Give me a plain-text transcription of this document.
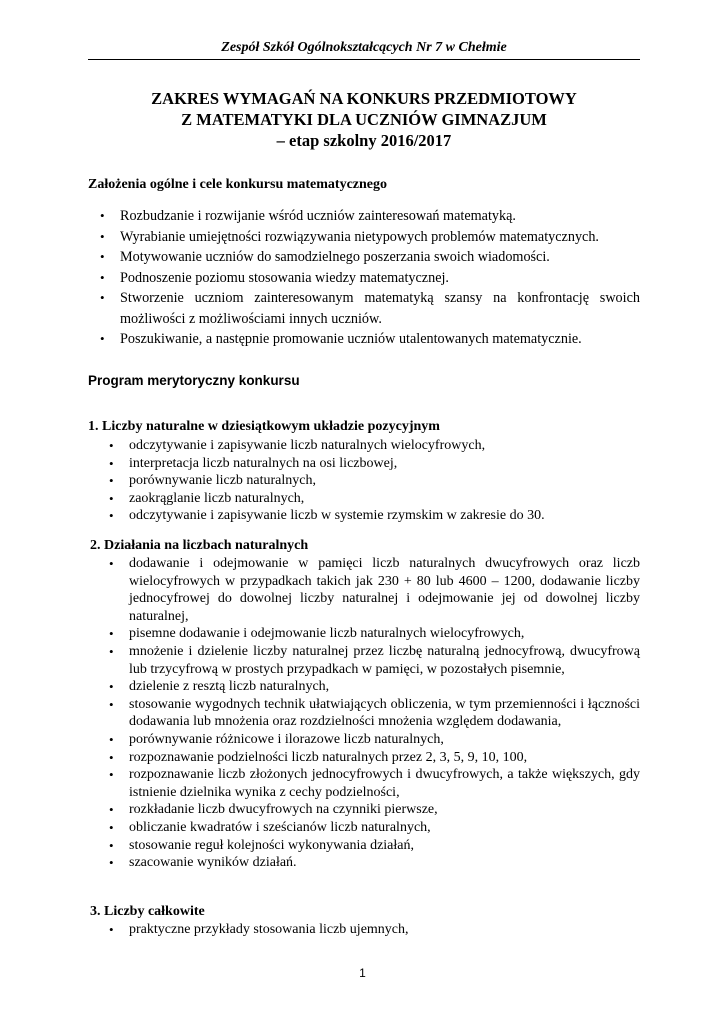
Zespół Szkół Ogólnokształcących Nr 7 w Chełmie
ZAKRES WYMAGAŃ NA KONKURS PRZEDMIOTOWY
Z MATEMATYKI DLA UCZNIÓW GIMNAZJUM
– etap szkolny 2016/2017
Założenia ogólne i cele konkursu matematycznego
• Rozbudzanie i rozwijanie wśród uczniów zainteresowań matematyką.
• Wyrabianie umiejętności rozwiązywania nietypowych problemów matematycznych.
• Motywowanie uczniów do samodzielnego poszerzania swoich wiadomości.
• Podnoszenie poziomu stosowania wiedzy matematycznej.
• Stworzenie uczniom zainteresowanym matematyką szansy na konfrontację swoich możliwości z możliwościami innych uczniów.
• Poszukiwanie, a następnie promowanie uczniów utalentowanych matematycznie.
Program merytoryczny konkursu
1. Liczby naturalne w dziesiątkowym układzie pozycyjnym
• odczytywanie i zapisywanie liczb naturalnych wielocyfrowych,
• interpretacja liczb naturalnych na osi liczbowej,
• porównywanie liczb naturalnych,
• zaokrąglanie liczb naturalnych,
• odczytywanie i zapisywanie liczb w systemie rzymskim w zakresie do 30.
2. Działania na liczbach naturalnych
• dodawanie i odejmowanie w pamięci liczb naturalnych dwucyfrowych oraz liczb wielocyfrowych w przypadkach takich jak 230 + 80 lub 4600 – 1200, dodawanie liczby jednocyfrowej do dowolnej liczby naturalnej i odejmowanie jej od dowolnej liczby naturalnej,
• pisemne dodawanie i odejmowanie liczb naturalnych wielocyfrowych,
• mnożenie i dzielenie liczby naturalnej przez liczbę naturalną jednocyfrową, dwucyfrową lub trzycyfrową w prostych przypadkach w pamięci, w pozostałych pisemnie,
• dzielenie z resztą liczb naturalnych,
• stosowanie wygodnych technik ułatwiających obliczenia, w tym przemienności i łączności dodawania lub mnożenia oraz rozdzielności mnożenia względem dodawania,
• porównywanie różnicowe i ilorazowe liczb naturalnych,
• rozpoznawanie podzielności liczb naturalnych przez 2, 3, 5, 9, 10, 100,
• rozpoznawanie liczb złożonych jednocyfrowych i dwucyfrowych, a także większych, gdy istnienie dzielnika wynika z cechy podzielności,
• rozkładanie liczb dwucyfrowych na czynniki pierwsze,
• obliczanie kwadratów i sześcianów liczb naturalnych,
• stosowanie reguł kolejności wykonywania działań,
• szacowanie wyników działań.
3. Liczby całkowite
• praktyczne przykłady stosowania liczb ujemnych,
1
